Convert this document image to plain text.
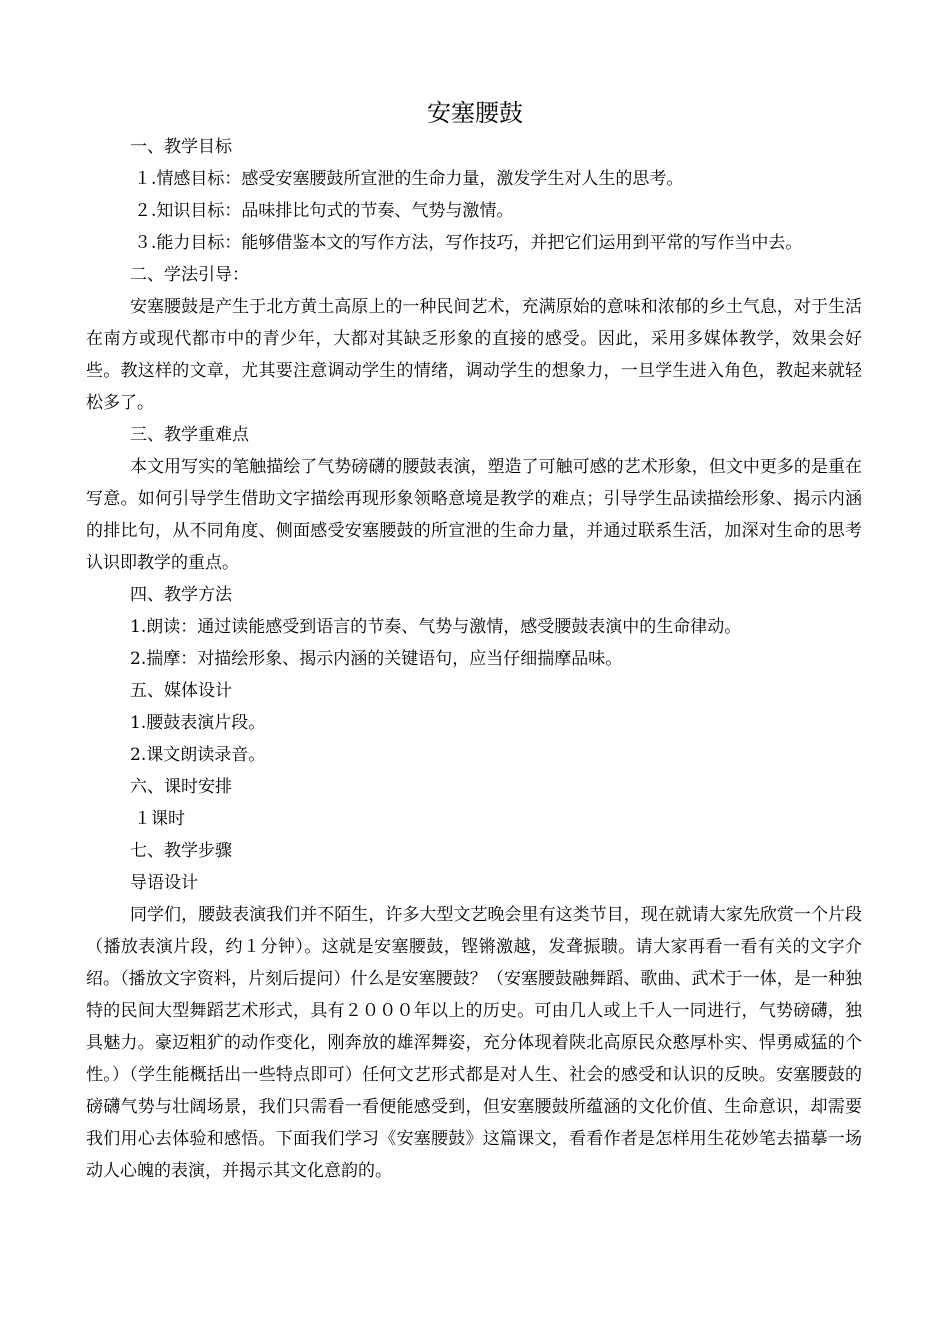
安塞腰鼓

一、教学目标

１.情感目标：感受安塞腰鼓所宣泄的生命力量，激发学生对人生的思考。

２.知识目标：品味排比句式的节奏、气势与激情。

３.能力目标：能够借鉴本文的写作方法，写作技巧，并把它们运用到平常的写作当中去。

二、学法引导：

安塞腰鼓是产生于北方黄土高原上的一种民间艺术，充满原始的意味和浓郁的乡土气息，对于生活在南方或现代都市中的青少年，大都对其缺乏形象的直接的感受。因此，采用多媒体教学，效果会好些。教这样的文章，尤其要注意调动学生的情绪，调动学生的想象力，一旦学生进入角色，教起来就轻松多了。

三、教学重难点

本文用写实的笔触描绘了气势磅礴的腰鼓表演，塑造了可触可感的艺术形象，但文中更多的是重在写意。如何引导学生借助文字描绘再现形象领略意境是教学的难点；引导学生品读描绘形象、揭示内涵的排比句，从不同角度、侧面感受安塞腰鼓的所宣泄的生命力量，并通过联系生活，加深对生命的思考认识即教学的重点。

四、教学方法

1.朗读：通过读能感受到语言的节奏、气势与激情，感受腰鼓表演中的生命律动。

2.揣摩：对描绘形象、揭示内涵的关键语句，应当仔细揣摩品味。

五、媒体设计

1.腰鼓表演片段。

2.课文朗读录音。

六、课时安排

１课时

七、教学步骤

导语设计

同学们，腰鼓表演我们并不陌生，许多大型文艺晚会里有这类节目，现在就请大家先欣赏一个片段（播放表演片段，约１分钟）。这就是安塞腰鼓，铿锵激越，发聋振聩。请大家再看一看有关的文字介绍。（播放文字资料，片刻后提问）什么是安塞腰鼓？（安塞腰鼓融舞蹈、歌曲、武术于一体，是一种独特的民间大型舞蹈艺术形式，具有２０００年以上的历史。可由几人或上千人一同进行，气势磅礴，独具魅力。豪迈粗犷的动作变化，刚奔放的雄浑舞姿，充分体现着陕北高原民众憨厚朴实、悍勇威猛的个性。）（学生能概括出一些特点即可）任何文艺形式都是对人生、社会的感受和认识的反映。安塞腰鼓的磅礴气势与壮阔场景，我们只需看一看便能感受到，但安塞腰鼓所蕴涵的文化价值、生命意识，却需要我们用心去体验和感悟。下面我们学习《安塞腰鼓》这篇课文，看看作者是怎样用生花妙笔去描摹一场动人心魄的表演，并揭示其文化意韵的。
